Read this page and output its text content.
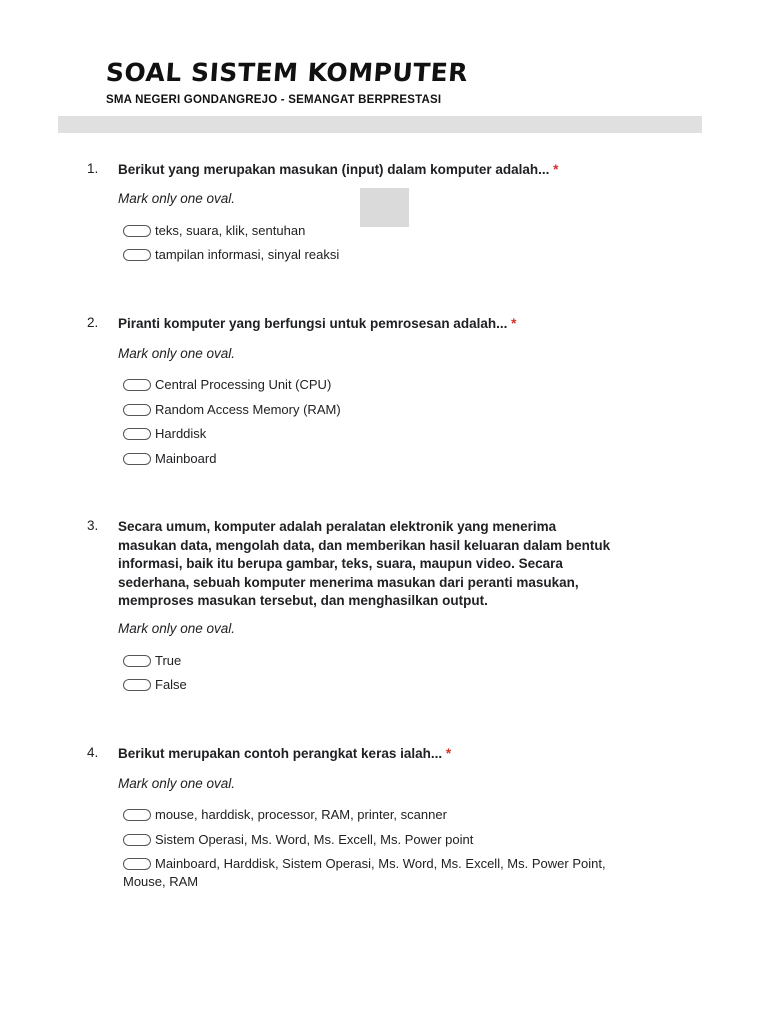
SOAL SISTEM KOMPUTER
SMA NEGERI GONDANGREJO - SEMANGAT BERPRESTASI
1. Berikut yang merupakan masukan (input) dalam komputer adalah... *
Mark only one oval.
teks, suara, klik, sentuhan
tampilan informasi, sinyal reaksi
2. Piranti komputer yang berfungsi untuk pemrosesan adalah... *
Mark only one oval.
Central Processing Unit (CPU)
Random Access Memory (RAM)
Harddisk
Mainboard
3. Secara umum, komputer adalah peralatan elektronik yang menerima masukan data, mengolah data, dan memberikan hasil keluaran dalam bentuk informasi, baik itu berupa gambar, teks, suara, maupun video. Secara sederhana, sebuah komputer menerima masukan dari peranti masukan, memproses masukan tersebut, dan menghasilkan output.
Mark only one oval.
True
False
4. Berikut merupakan contoh perangkat keras ialah... *
Mark only one oval.
mouse, harddisk, processor, RAM, printer, scanner
Sistem Operasi, Ms. Word, Ms. Excell, Ms. Power point
Mainboard, Harddisk, Sistem Operasi, Ms. Word, Ms. Excell, Ms. Power Point, Mouse, RAM
